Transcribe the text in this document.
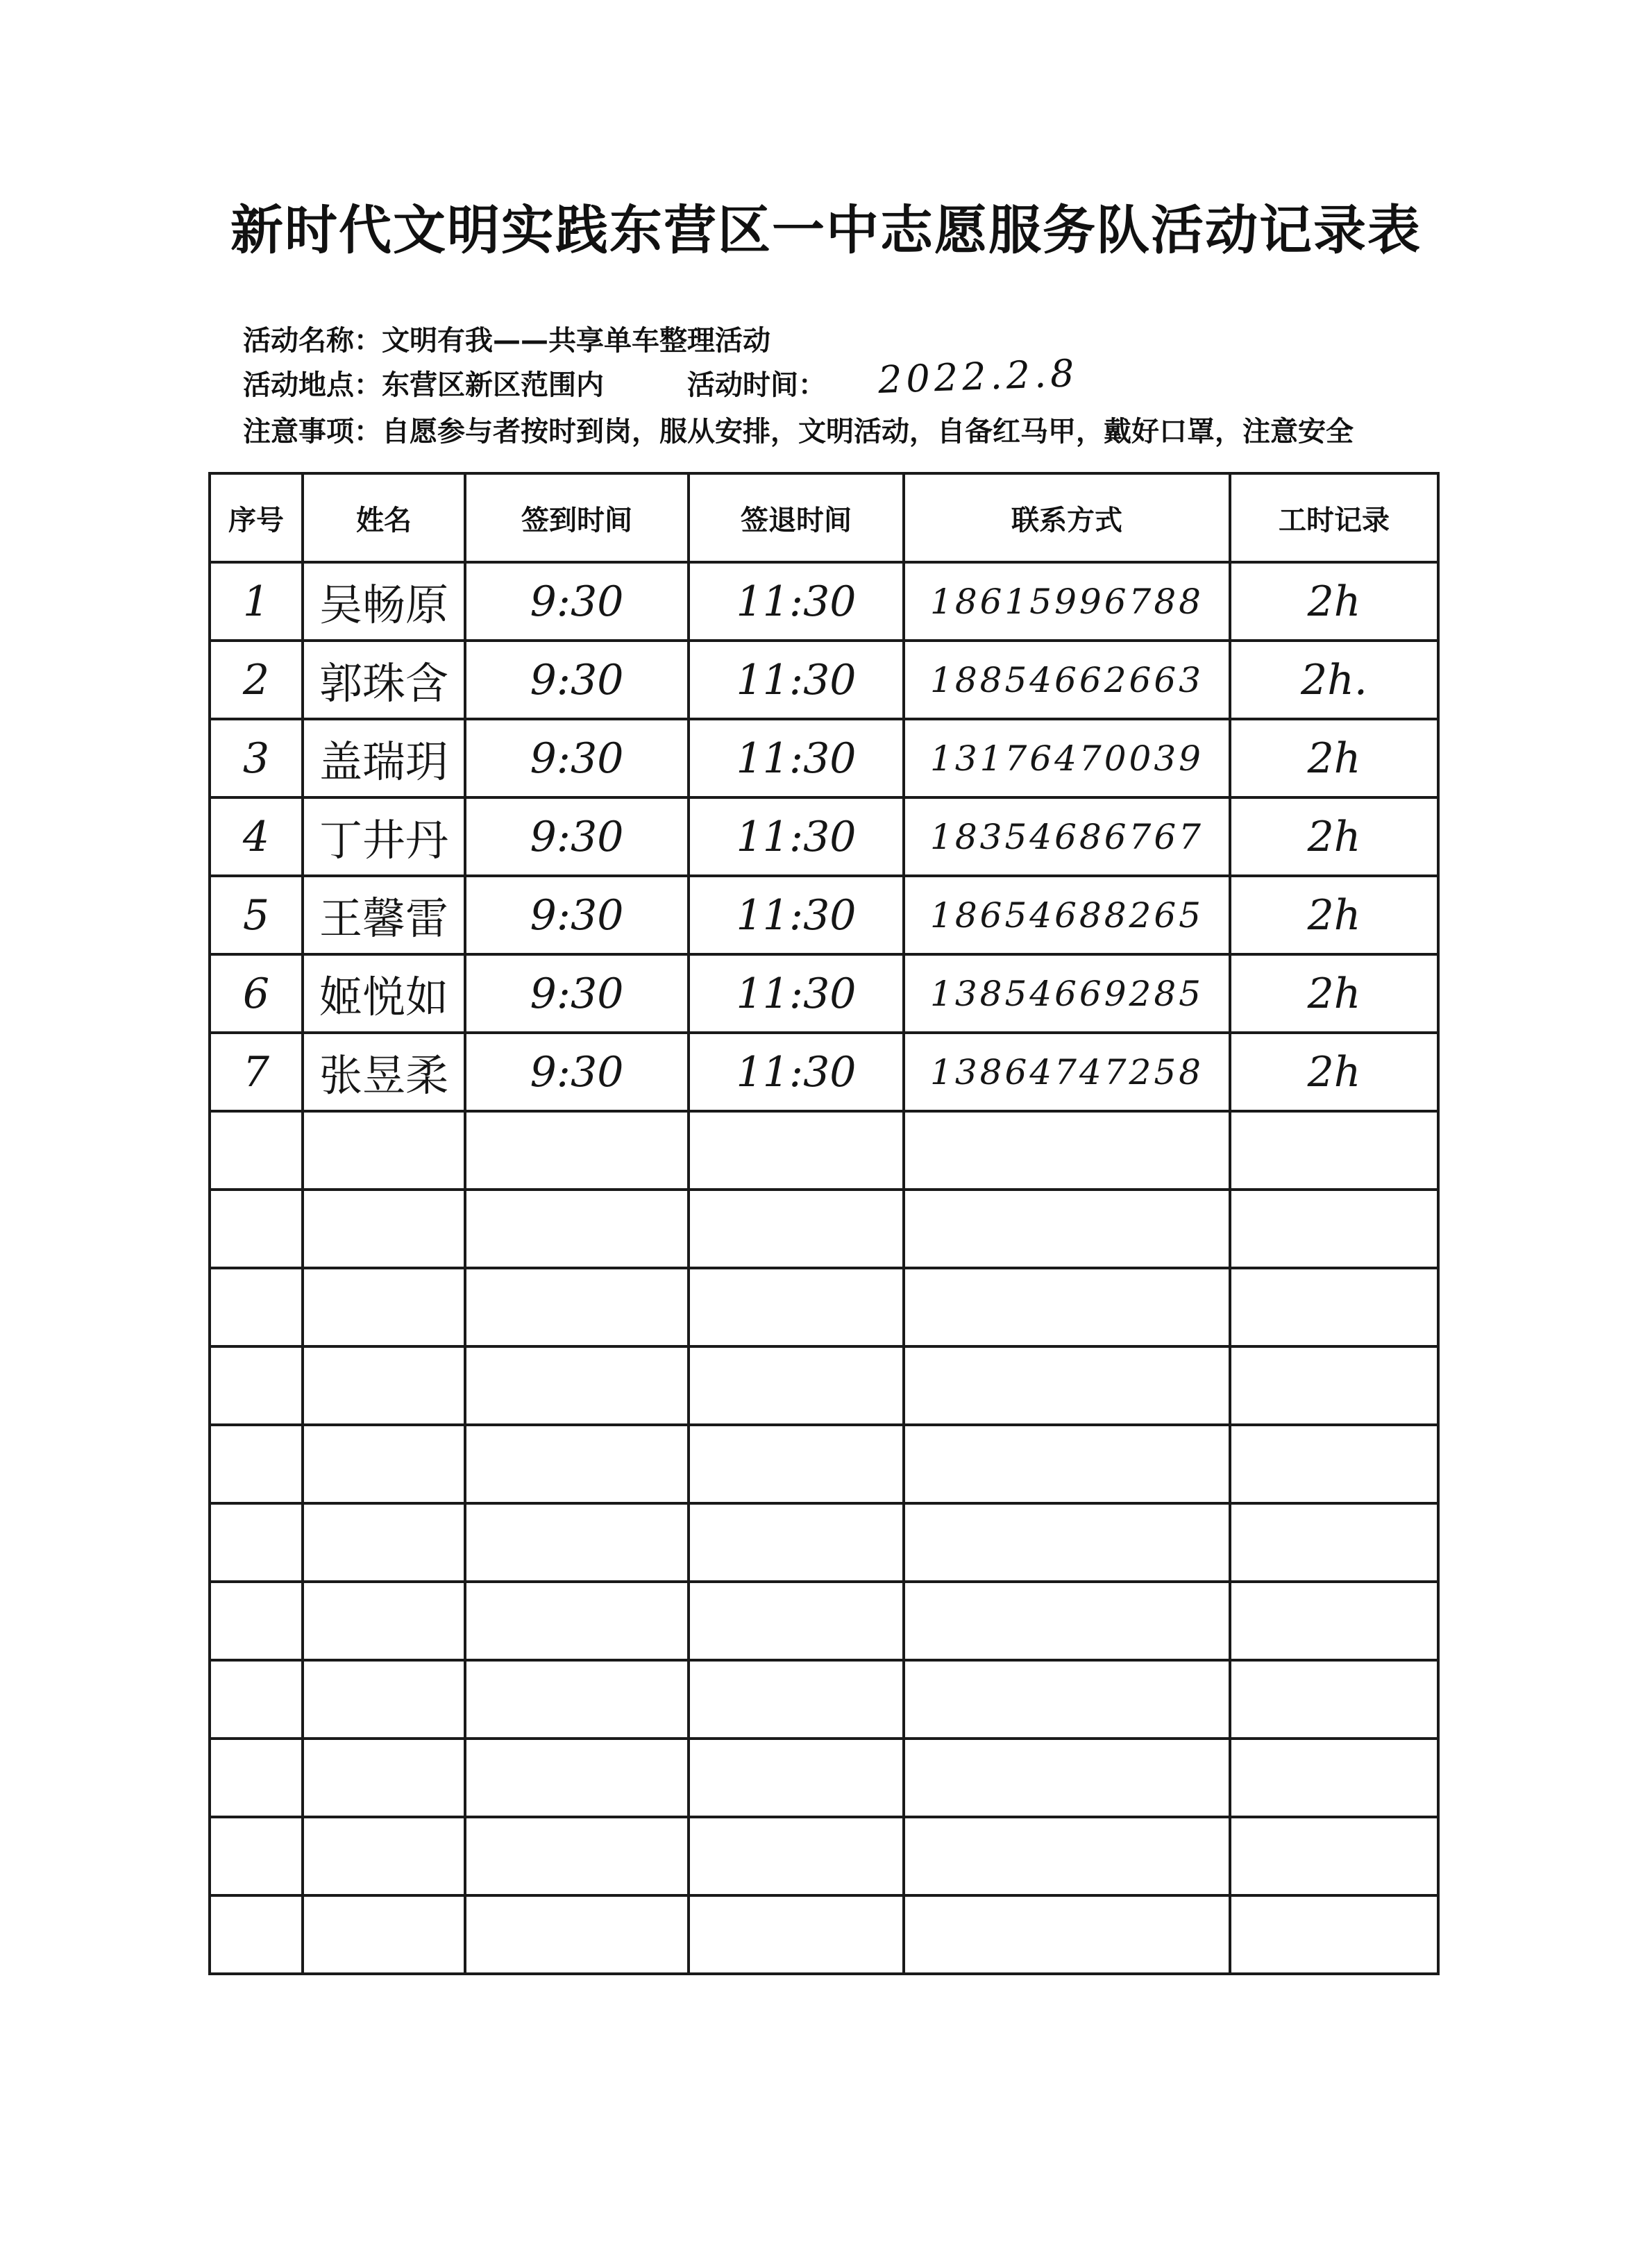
新时代文明实践东营区一中志愿服务队活动记录表
活动名称：文明有我——共享单车整理活动
活动地点：东营区新区范围内	活动时间： 2022.2.8
注意事项：自愿参与者按时到岗，服从安排，文明活动，自备红马甲，戴好口罩，注意安全
序号	姓名	签到时间	签退时间	联系方式	工时记录
1	吴畅原	9:30	11:30	18615996788	2h
2	郭珠含	9:30	11:30	18854662663	2h.
3	盖瑞玥	9:30	11:30	13176470039	2h
4	丁井丹	9:30	11:30	18354686767	2h
5	王馨雷	9:30	11:30	18654688265	2h
6	姬悦如	9:30	11:30	13854669285	2h
7	张昱柔	9:30	11:30	13864747258	2h
